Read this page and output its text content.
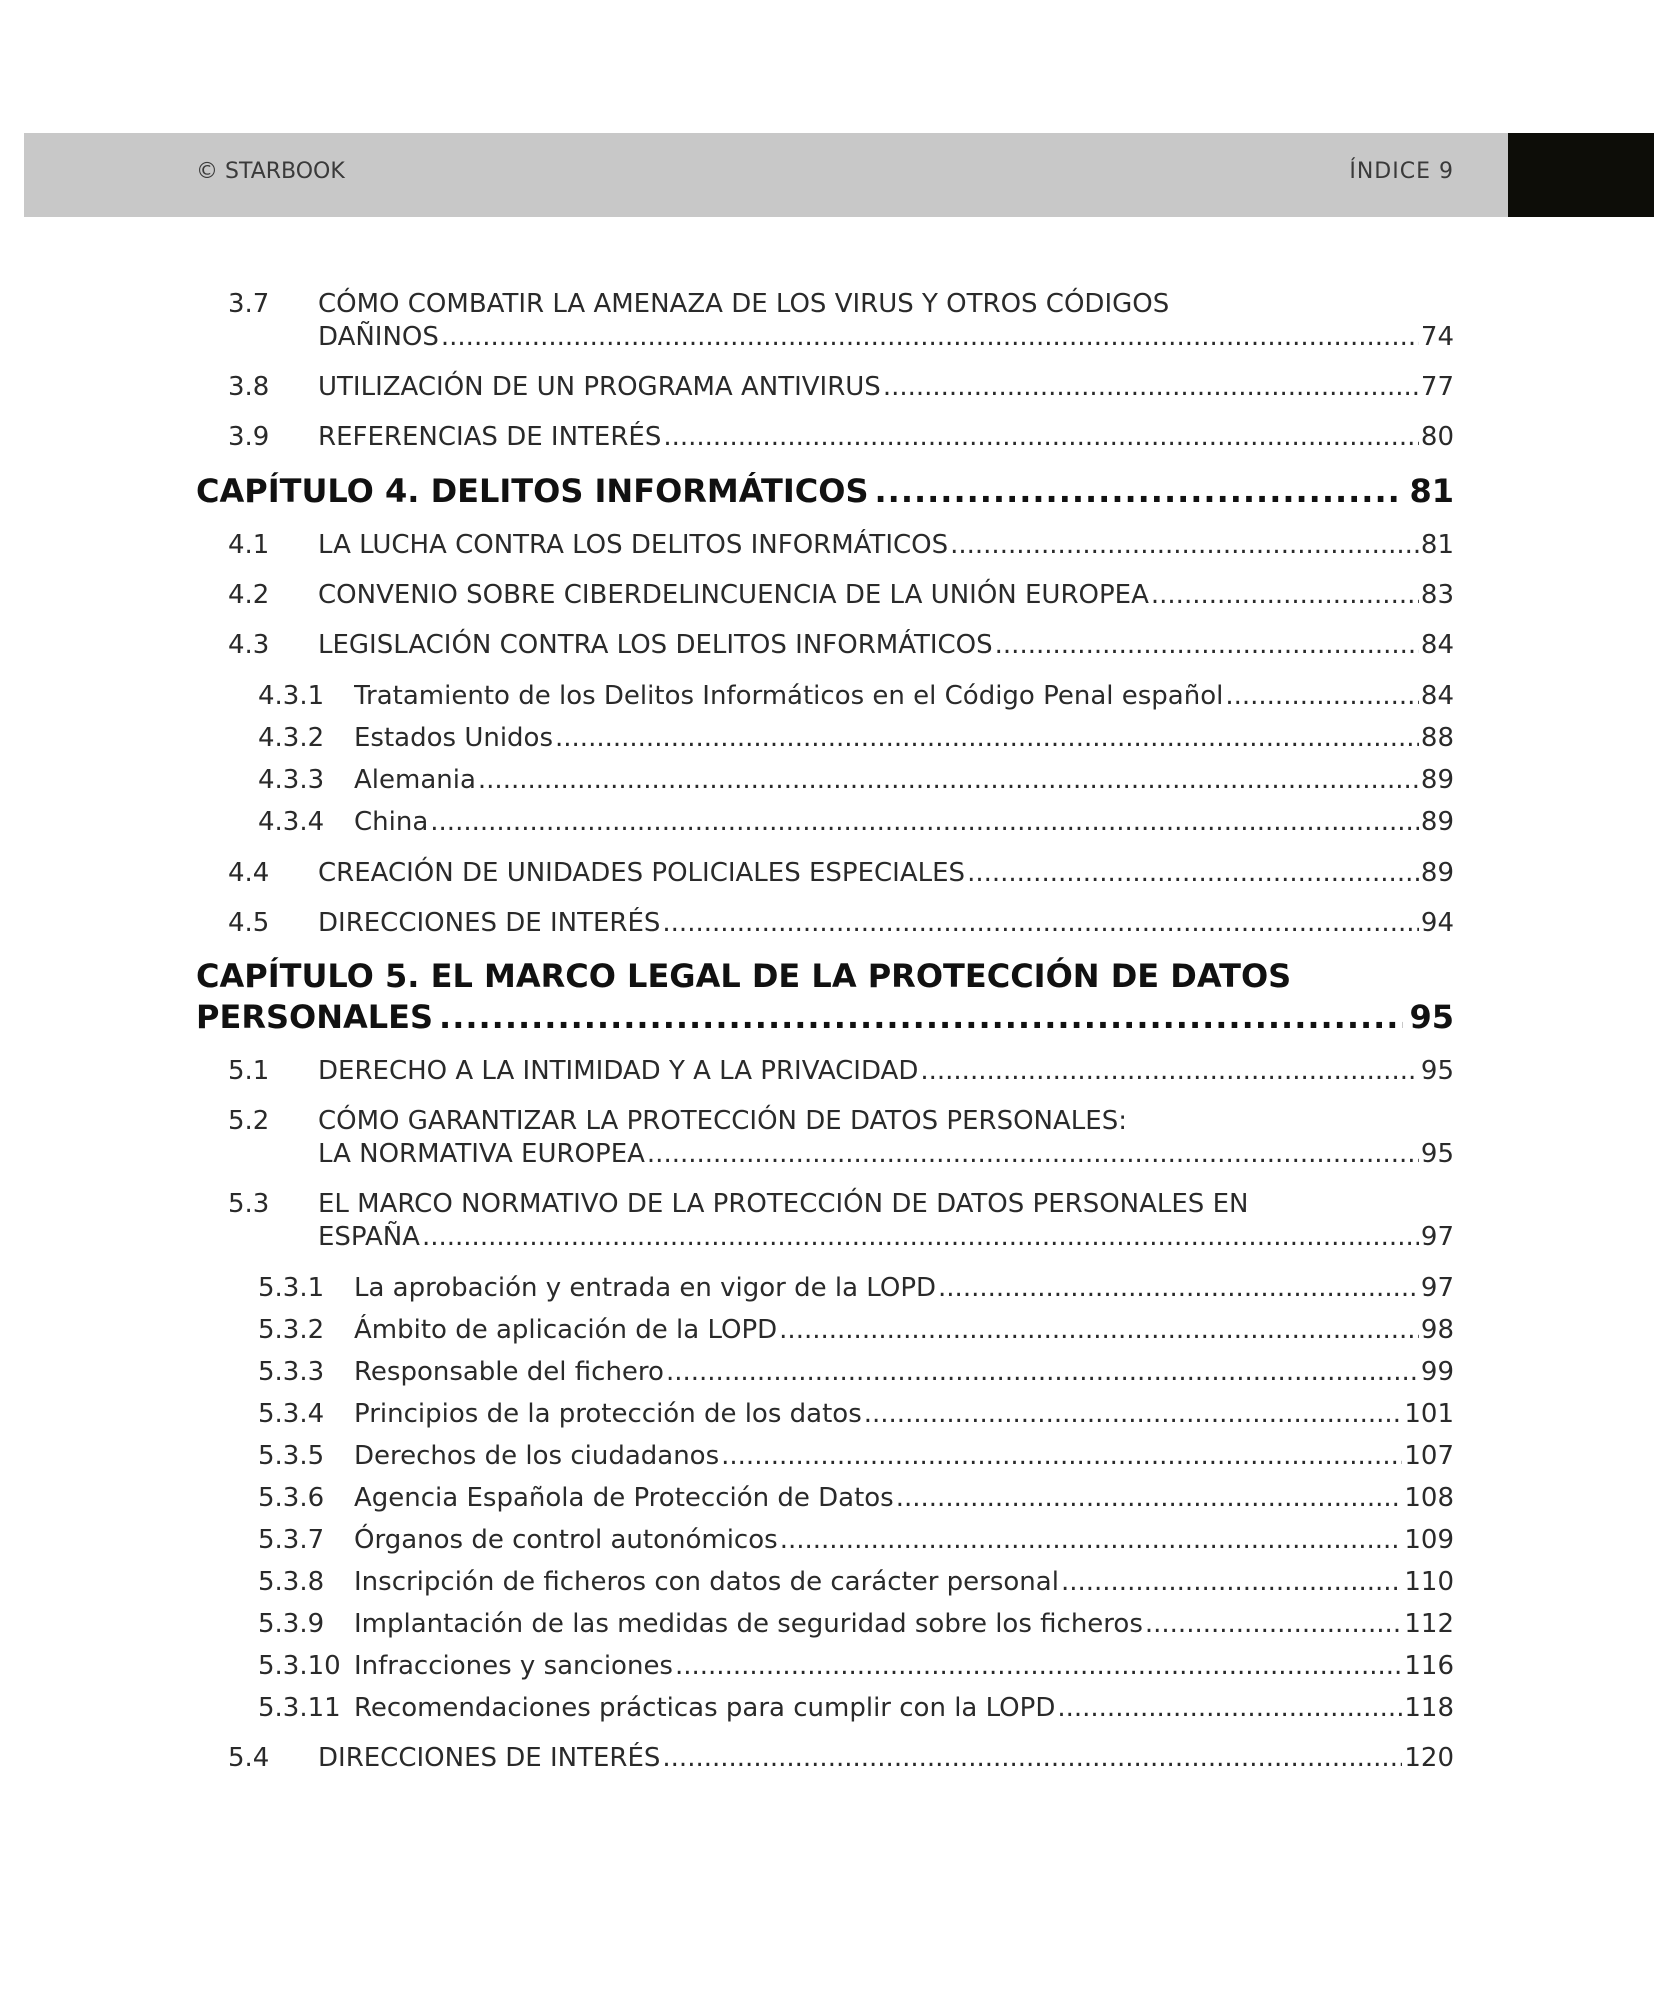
© STARBOOK	ÍNDICE 9
3.7 CÓMO COMBATIR LA AMENAZA DE LOS VIRUS Y OTROS CÓDIGOS
DAÑINOS .....	74
3.8 UTILIZACIÓN DE UN PROGRAMA ANTIVIRUS .....	77
3.9 REFERENCIAS DE INTERÉS .....	80
CAPÍTULO 4. DELITOS INFORMÁTICOS .....	81
4.1 LA LUCHA CONTRA LOS DELITOS INFORMÁTICOS .....	81
4.2 CONVENIO SOBRE CIBERDELINCUENCIA DE LA UNIÓN EUROPEA .....	83
4.3 LEGISLACIÓN CONTRA LOS DELITOS INFORMÁTICOS .....	84
4.3.1 Tratamiento de los Delitos Informáticos en el Código Penal español .....	84
4.3.2 Estados Unidos .....	88
4.3.3 Alemania .....	89
4.3.4 China .....	89
4.4 CREACIÓN DE UNIDADES POLICIALES ESPECIALES .....	89
4.5 DIRECCIONES DE INTERÉS .....	94
CAPÍTULO 5. EL MARCO LEGAL DE LA PROTECCIÓN DE DATOS
PERSONALES .....	95
5.1 DERECHO A LA INTIMIDAD Y A LA PRIVACIDAD .....	95
5.2 CÓMO GARANTIZAR LA PROTECCIÓN DE DATOS PERSONALES:
LA NORMATIVA EUROPEA .....	95
5.3 EL MARCO NORMATIVO DE LA PROTECCIÓN DE DATOS PERSONALES EN
ESPAÑA .....	97
5.3.1 La aprobación y entrada en vigor de la LOPD .....	97
5.3.2 Ámbito de aplicación de la LOPD .....	98
5.3.3 Responsable del fichero .....	99
5.3.4 Principios de la protección de los datos .....	101
5.3.5 Derechos de los ciudadanos .....	107
5.3.6 Agencia Española de Protección de Datos .....	108
5.3.7 Órganos de control autonómicos .....	109
5.3.8 Inscripción de ficheros con datos de carácter personal .....	110
5.3.9 Implantación de las medidas de seguridad sobre los ficheros .....	112
5.3.10 Infracciones y sanciones .....	116
5.3.11 Recomendaciones prácticas para cumplir con la LOPD .....	118
5.4 DIRECCIONES DE INTERÉS .....	120
